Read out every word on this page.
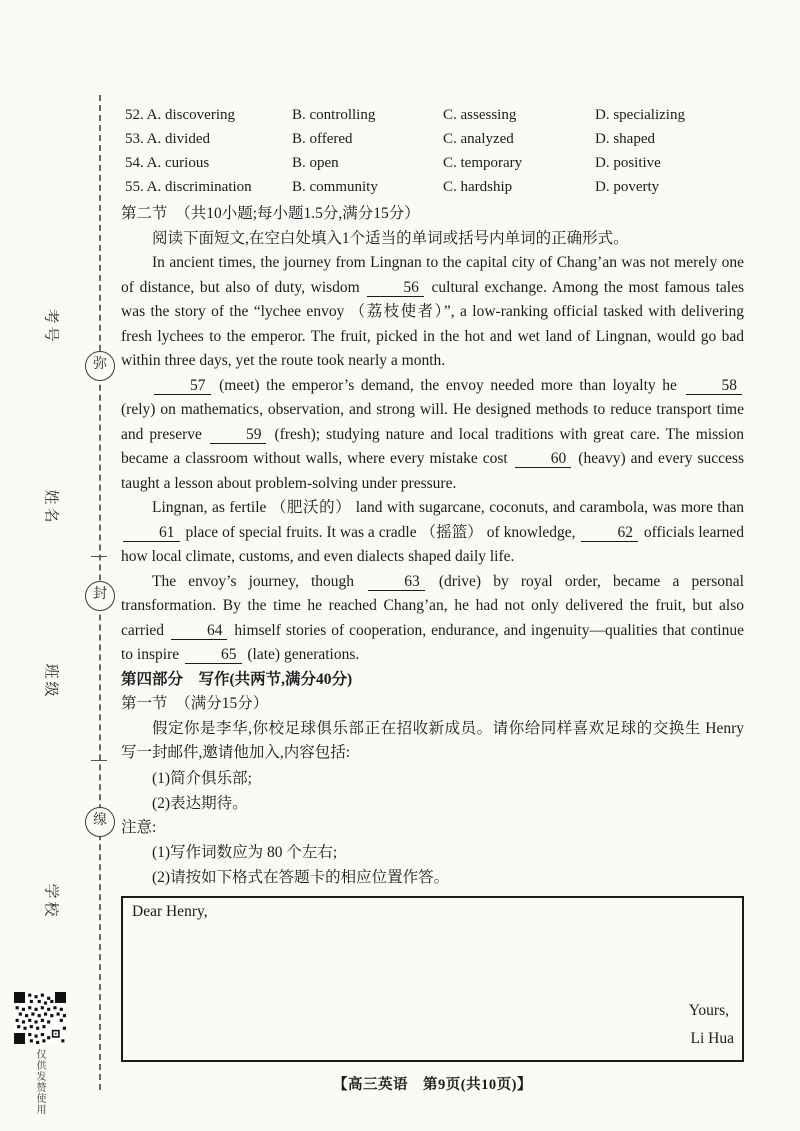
考号
姓名
班级
学校
弥
封
缐
仅供发赞使用
52. A. discovering	B. controlling	C. assessing	D. specializing
53. A. divided	B. offered	C. analyzed	D. shaped
54. A. curious	B. open	C. temporary	D. positive
55. A. discrimination	B. community	C. hardship	D. poverty
第二节　（共10小题;每小题1.5分,满分15分）
阅读下面短文,在空白处填入1个适当的单词或括号内单词的正确形式。

In ancient times, the journey from Lingnan to the capital city of Chang’an was not merely one of distance, but also of duty, wisdom 56 cultural exchange. Among the most famous tales was the story of the “lychee envoy （荔枝使者）”, a low-ranking official tasked with delivering fresh lychees to the emperor. The fruit, picked in the hot and wet land of Lingnan, would go bad within three days, yet the route took nearly a month.

57 (meet) the emperor’s demand, the envoy needed more than loyalty he 58 (rely) on mathematics, observation, and strong will. He designed methods to reduce transport time and preserve 59 (fresh); studying nature and local traditions with great care. The mission became a classroom without walls, where every mistake cost 60 (heavy) and every success taught a lesson about problem-solving under pressure.

Lingnan, as fertile （肥沃的） land with sugarcane, coconuts, and carambola, was more than 61 place of special fruits. It was a cradle （摇篮） of knowledge, 62 officials learned how local climate, customs, and even dialects shaped daily life.

The envoy’s journey, though 63 (drive) by royal order, became a personal transformation. By the time he reached Chang’an, he had not only delivered the fruit, but also carried 64 himself stories of cooperation, endurance, and ingenuity—qualities that continue to inspire 65 (late) generations.

第四部分　写作(共两节,满分40分)
第一节　（满分15分）

假定你是李华,你校足球俱乐部正在招收新成员。请你给同样喜欢足球的交换生 Henry 写一封邮件,邀请他加入,内容包括:

(1)简介俱乐部;
(2)表达期待。
注意:
(1)写作词数应为 80 个左右;
(2)请按如下格式在答题卡的相应位置作答。
Dear Henry,
Yours,
Li Hua
【高三英语　第9页(共10页)】
